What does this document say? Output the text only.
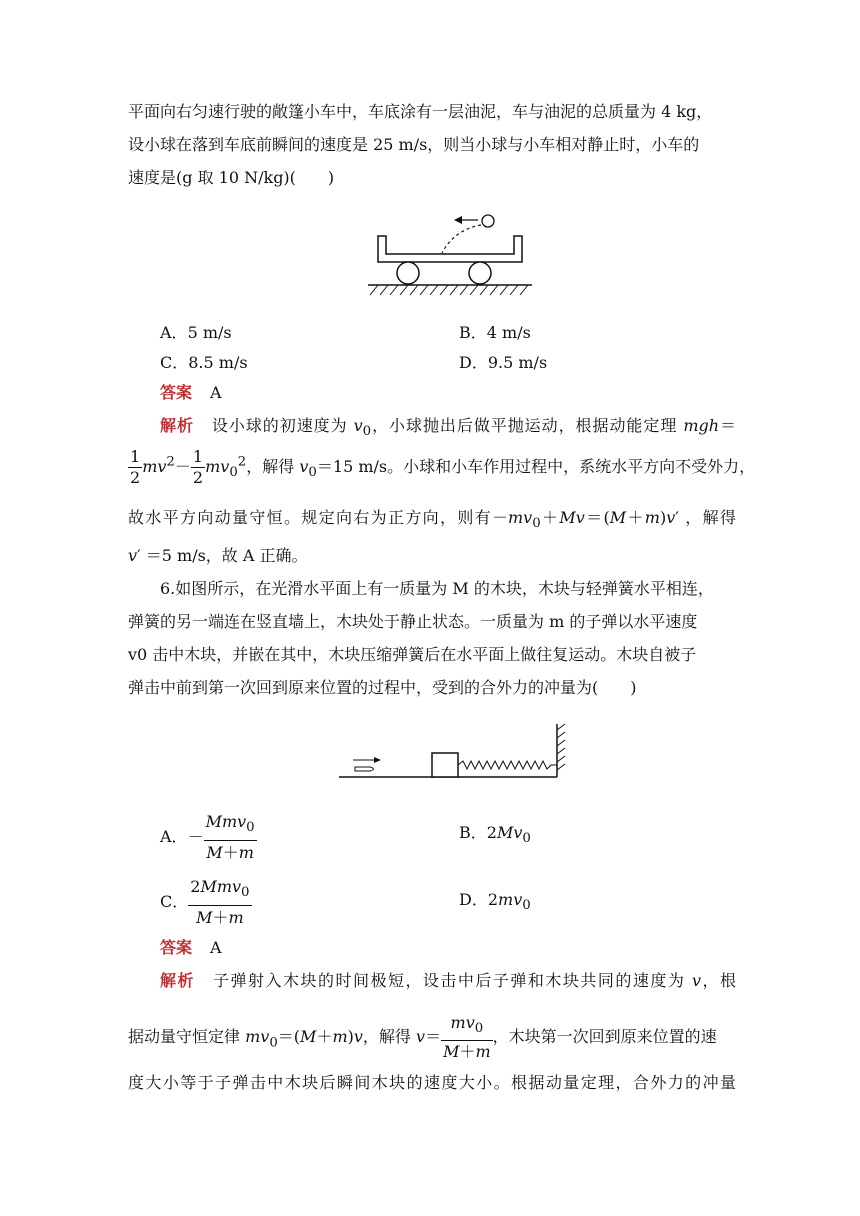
平面向右匀速行驶的敞篷小车中，车底涂有一层油泥，车与油泥的总质量为 4 kg，
设小球在落到车底前瞬间的速度是 25 m/s，则当小球与小车相对静止时，小车的
速度是(g 取 10 N/kg)(　　)
A．5 m/s	B．4 m/s
C．8.5 m/s	D．9.5 m/s
答案 A
解析 设小球的初速度为 $v_0$，小球抛出后做平抛运动，根据动能定理 mgh＝
$\frac{1}{2} mv^2- \frac{1}{2} mv_0^2$，解得 $v_0=15$ m/s。小球和小车作用过程中，系统水平方向不受外力，
故水平方向动量守恒。规定向右为正方向，则有$-mv_0+Mv=(M+m)v'$ ，解得
v′ ＝5 m/s，故 A 正确。
6.如图所示，在光滑水平面上有一质量为 M 的木块，木块与轻弹簧水平相连，
弹簧的另一端连在竖直墙上，木块处于静止状态。一质量为 m 的子弹以水平速度
v0 击中木块，并嵌在其中，木块压缩弹簧后在水平面上做往复运动。木块自被子
弹击中前到第一次回到原来位置的过程中，受到的合外力的冲量为(　　)
A．－ $\frac{Mmv_0}{M+m}$	B．$2Mv_0$
C． $\frac{2Mmv_0}{M+m}$	D．$2mv_0$
答案 A
解析 子弹射入木块的时间极短，设击中后子弹和木块共同的速度为 v，根
据动量守恒定律 $mv_0=(M+m)v$，解得 $v= \frac{mv_0}{M+m}$ ，木块第一次回到原来位置的速
度大小等于子弹击中木块后瞬间木块的速度大小。根据动量定理，合外力的冲量
